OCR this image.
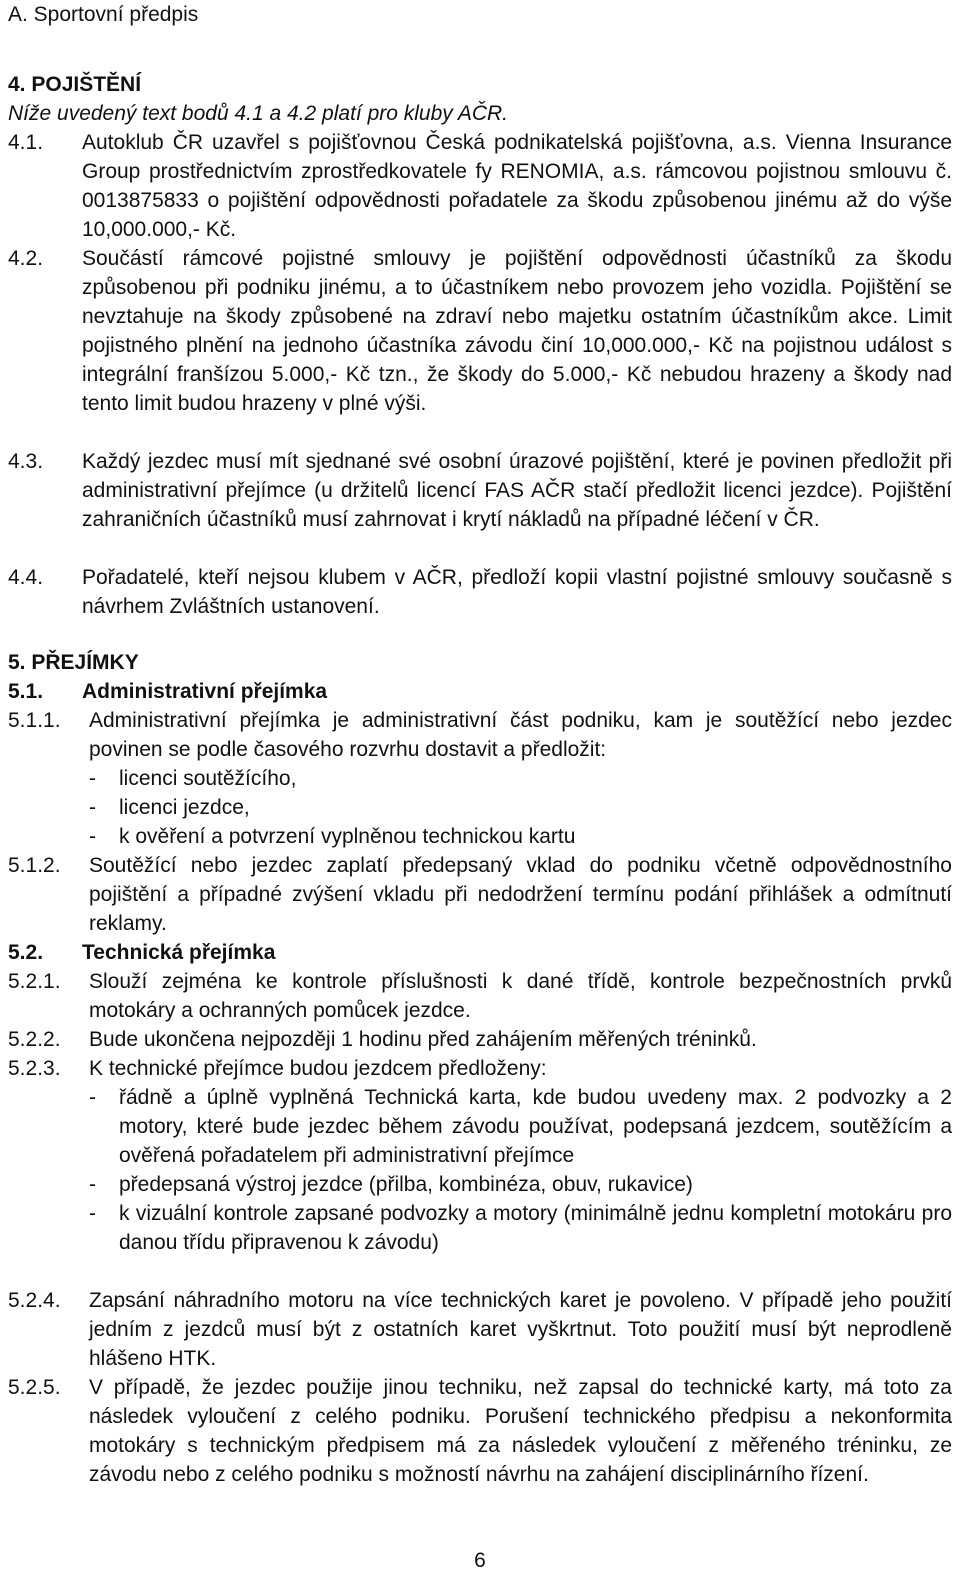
A. Sportovní předpis
4. POJIŠTĚNÍ
Níže uvedený text bodů 4.1 a 4.2 platí pro kluby AČR.
4.1. Autoklub ČR uzavřel s pojišťovnou Česká podnikatelská pojišťovna, a.s. Vienna Insurance Group prostřednictvím zprostředkovatele fy RENOMIA, a.s. rámcovou pojistnou smlouvu č. 0013875833 o pojištění odpovědnosti pořadatele za škodu způsobenou jinému až do výše 10,000.000,- Kč.
4.2. Součástí rámcové pojistné smlouvy je pojištění odpovědnosti účastníků za škodu způsobenou při podniku jinému, a to účastníkem nebo provozem jeho vozidla. Pojištění se nevztahuje na škody způsobené na zdraví nebo majetku ostatním účastníkům akce. Limit pojistného plnění na jednoho účastníka závodu činí 10,000.000,- Kč na pojistnou událost s integrální franšízou 5.000,- Kč tzn., že škody do 5.000,- Kč nebudou hrazeny a škody nad tento limit budou hrazeny v plné výši.
4.3. Každý jezdec musí mít sjednané své osobní úrazové pojištění, které je povinen předložit při administrativní přejímce (u držitelů licencí FAS AČR stačí předložit licenci jezdce). Pojištění zahraničních účastníků musí zahrnovat i krytí nákladů na případné léčení v ČR.
4.4. Pořadatelé, kteří nejsou klubem v AČR, předloží kopii vlastní pojistné smlouvy současně s návrhem Zvláštních ustanovení.
5. PŘEJÍMKY
5.1. Administrativní přejímka
5.1.1. Administrativní přejímka je administrativní část podniku, kam je soutěžící nebo jezdec povinen se podle časového rozvrhu dostavit a předložit:
- licenci soutěžícího,
- licenci jezdce,
- k ověření a potvrzení vyplněnou technickou kartu
5.1.2. Soutěžící nebo jezdec zaplatí předepsaný vklad do podniku včetně odpovědnostního pojištění a případné zvýšení vkladu při nedodržení termínu podání přihlášek a odmítnutí reklamy.
5.2. Technická přejímka
5.2.1. Slouží zejména ke kontrole příslušnosti k dané třídě, kontrole bezpečnostních prvků motokáry a ochranných pomůcek jezdce.
5.2.2. Bude ukončena nejpozději 1 hodinu před zahájením měřených tréninků.
5.2.3. K technické přejímce budou jezdcem předloženy:
- řádně a úplně vyplněná Technická karta, kde budou uvedeny max. 2 podvozky a 2 motory, které bude jezdec během závodu používat, podepsaná jezdcem, soutěžícím a ověřená pořadatelem při administrativní přejímce
- předepsaná výstroj jezdce (přilba, kombinéza, obuv, rukavice)
- k vizuální kontrole zapsané podvozky a motory (minimálně jednu kompletní motokáru pro danou třídu připravenou k závodu)
5.2.4. Zapsání náhradního motoru na více technických karet je povoleno. V případě jeho použití jedním z jezdců musí být z ostatních karet vyškrtnut. Toto použití musí být neprodleně hlášeno HTK.
5.2.5. V případě, že jezdec použije jinou techniku, než zapsal do technické karty, má toto za následek vyloučení z celého podniku. Porušení technického předpisu a nekonformita motokáry s technickým předpisem má za následek vyloučení z měřeného tréninku, ze závodu nebo z celého podniku s možností návrhu na zahájení disciplinárního řízení.
6
